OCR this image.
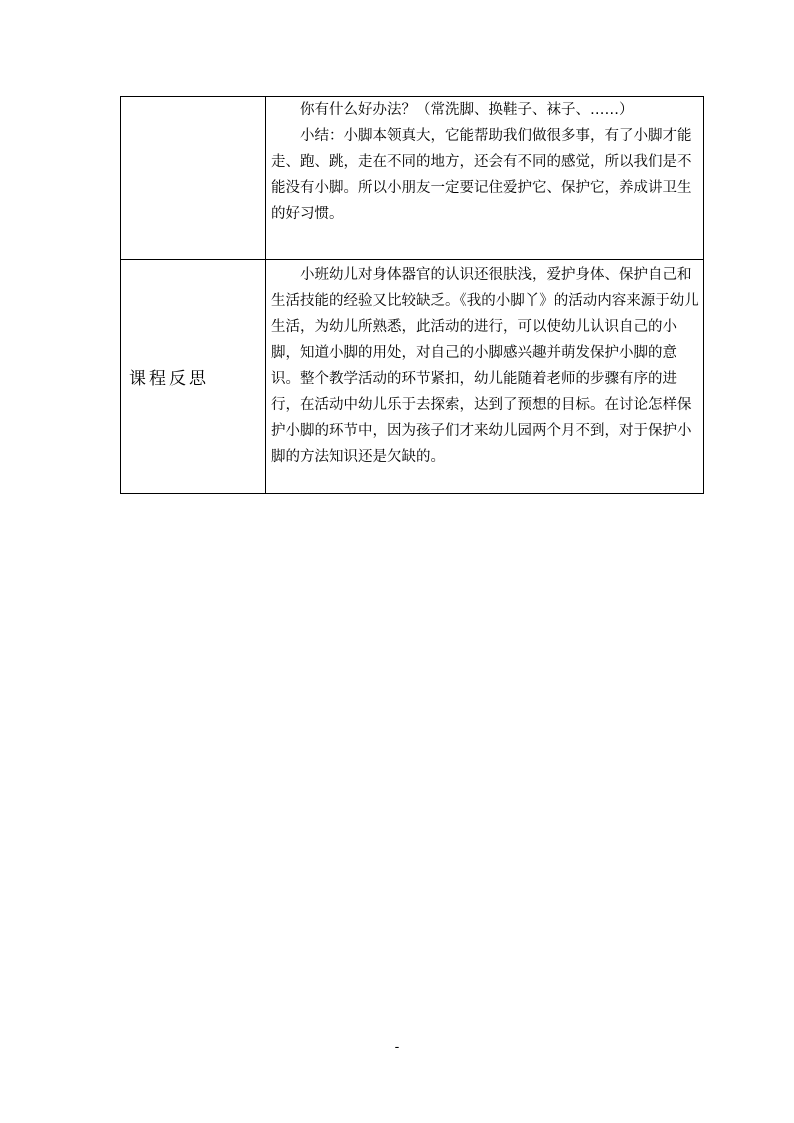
	你有什么好办法？（常洗脚、换鞋子、袜子、……）

小结：小脚本领真大，它能帮助我们做很多事，有了小脚才能走、跑、跳，走在不同的地方，还会有不同的感觉，所以我们是不能没有小脚。所以小朋友一定要记住爱护它、保护它，养成讲卫生的好习惯。

课程反思	小班幼儿对身体器官的认识还很肤浅，爱护身体、保护自己和生活技能的经验又比较缺乏。《我的小脚丫》的活动内容来源于幼儿生活，为幼儿所熟悉，此活动的进行，可以使幼儿认识自己的小脚，知道小脚的用处，对自己的小脚感兴趣并萌发保护小脚的意识。整个教学活动的环节紧扣，幼儿能随着老师的步骤有序的进行，在活动中幼儿乐于去探索，达到了预想的目标。在讨论怎样保护小脚的环节中，因为孩子们才来幼儿园两个月不到，对于保护小脚的方法知识还是欠缺的。

-
